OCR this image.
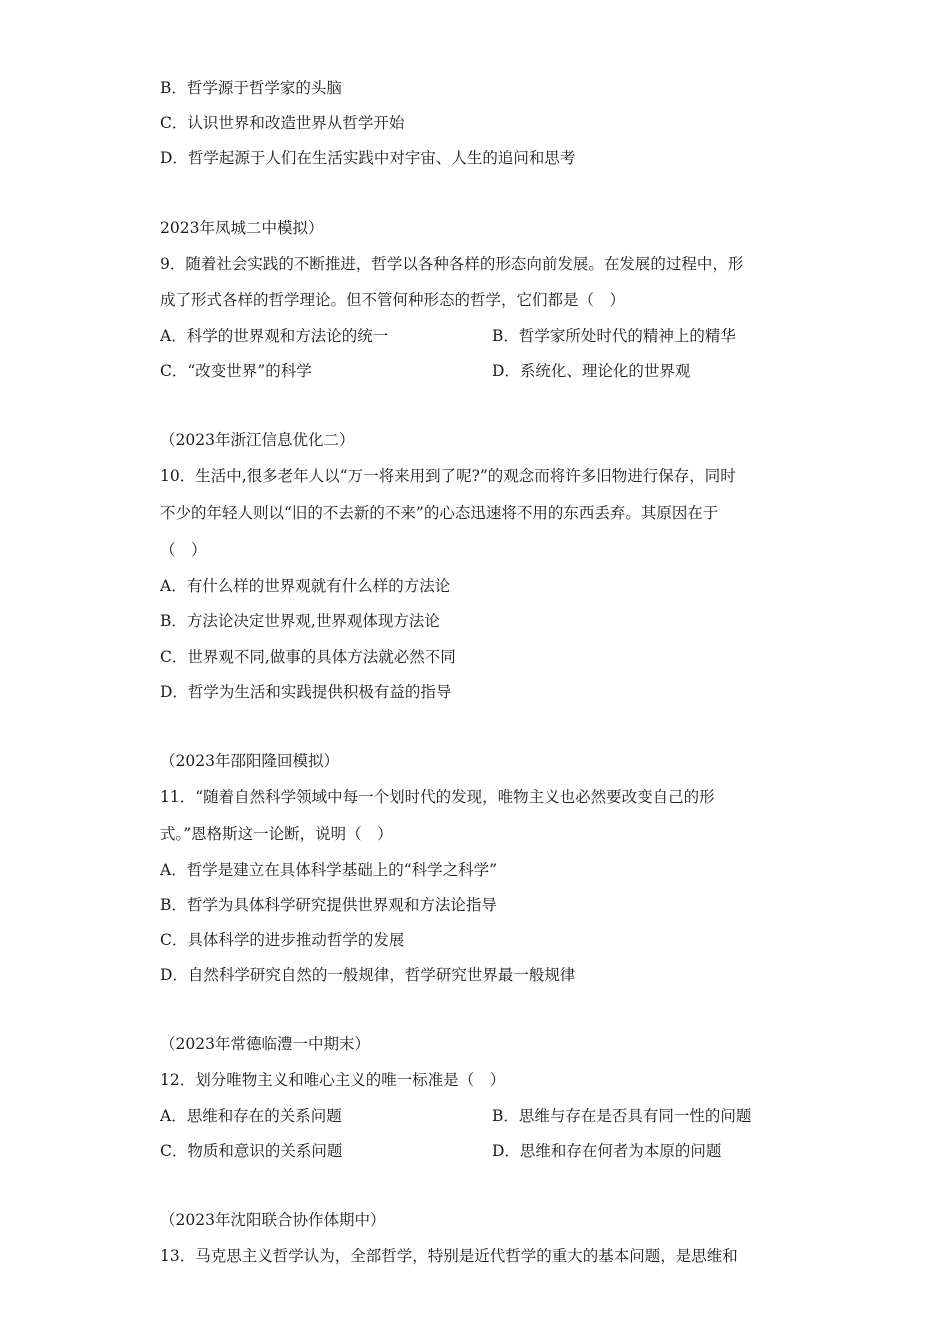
B．哲学源于哲学家的头脑
C．认识世界和改造世界从哲学开始
D．哲学起源于人们在生活实践中对宇宙、人生的追问和思考
2023年凤城二中模拟）
9．随着社会实践的不断推进，哲学以各种各样的形态向前发展。在发展的过程中，形
成了形式各样的哲学理论。但不管何种形态的哲学，它们都是（　）
A．科学的世界观和方法论的统一	B．哲学家所处时代的精神上的精华
C．“改变世界”的科学	D．系统化、理论化的世界观
（2023年浙江信息优化二）
10．生活中,很多老年人以“万一将来用到了呢?”的观念而将许多旧物进行保存，同时
不少的年轻人则以“旧的不去新的不来”的心态迅速将不用的东西丢弃。其原因在于
（　）
A．有什么样的世界观就有什么样的方法论
B．方法论决定世界观,世界观体现方法论
C．世界观不同,做事的具体方法就必然不同
D．哲学为生活和实践提供积极有益的指导
（2023年邵阳隆回模拟）
11．“随着自然科学领域中每一个划时代的发现，唯物主义也必然要改变自己的形
式。”恩格斯这一论断，说明（　）
A．哲学是建立在具体科学基础上的“科学之科学”
B．哲学为具体科学研究提供世界观和方法论指导
C．具体科学的进步推动哲学的发展
D．自然科学研究自然的一般规律，哲学研究世界最一般规律
（2023年常德临澧一中期末）
12．划分唯物主义和唯心主义的唯一标准是（　）
A．思维和存在的关系问题	B．思维与存在是否具有同一性的问题
C．物质和意识的关系问题	D．思维和存在何者为本原的问题
（2023年沈阳联合协作体期中）
13．马克思主义哲学认为，全部哲学，特别是近代哲学的重大的基本问题，是思维和
